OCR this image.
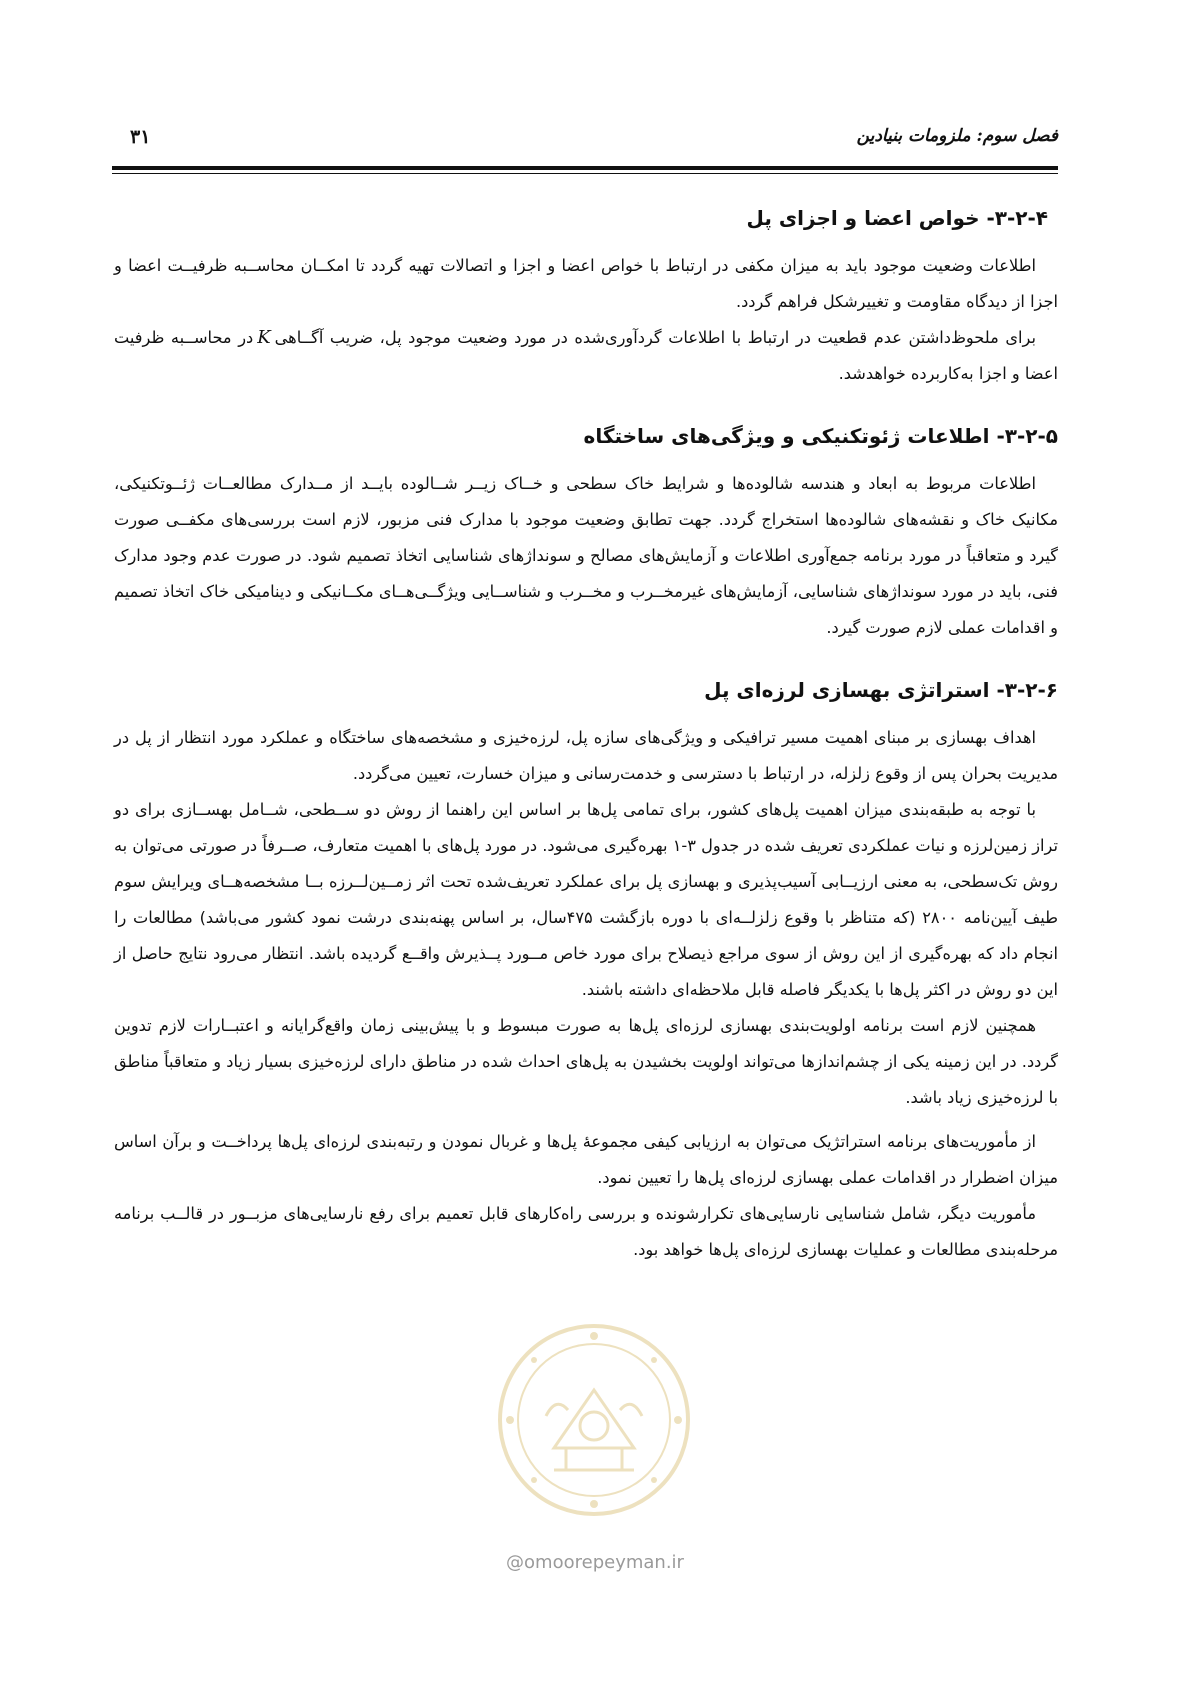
فصل سوم: ملزومات بنیادین
۳۱
۳-۲-۴- خواص اعضا و اجزای پل

اطلاعات وضعیت موجود باید به میزان مکفی در ارتباط با خواص اعضا و اجزا و اتصالات تهیه گردد تا امکــان محاســبه ظرفیــت اعضا و اجزا از دیدگاه مقاومت و تغییرشکل فراهم گردد.

برای ملحوظ‌داشتن عدم قطعیت در ارتباط با اطلاعات گردآوری‌شده در مورد وضعیت موجود پل، ضریب آگــاهیKدر محاســبه ظرفیت اعضا و اجزا به‌کاربرده خواهدشد.

۳-۲-۵- اطلاعات ژئوتکنیکی و ویژگی‌های ساختگاه

اطلاعات مربوط به ابعاد و هندسه شالوده‌ها و شرایط خاک سطحی و خــاک زیــر شــالوده بایــد از مــدارک مطالعــات ژئــوتکنیکی، مکانیک خاک و نقشه‌های شالوده‌ها استخراج گردد. جهت تطابق وضعیت موجود با مدارک فنی مزبور، لازم است بررسی‌های مکفــی صورت گیرد و متعاقباً در مورد برنامه جمع‌آوری اطلاعات و آزمایش‌های مصالح و سونداژهای شناسایی اتخاذ تصمیم شود. در صورت عدم وجود مدارک فنی، باید در مورد سونداژهای شناسایی، آزمایش‌های غیرمخــرب و مخــرب و شناســایی ویژگــی‌هــای مکــانیکی و دینامیکی خاک اتخاذ تصمیم و اقدامات عملی لازم صورت گیرد.

۳-۲-۶- استراتژی بهسازی لرزه‌ای پل

اهداف بهسازی بر مبنای اهمیت مسیر ترافیکی و ویژگی‌های سازه پل، لرزه‌خیزی و مشخصه‌های ساختگاه و عملکرد مورد انتظار از پل در مدیریت بحران پس از وقوع زلزله، در ارتباط با دسترسی و خدمت‌رسانی و میزان خسارت، تعیین می‌گردد.

با توجه به طبقه‌بندی میزان اهمیت پل‌های کشور، برای تمامی پل‌ها بر اساس این راهنما از روش دو ســطحی، شــامل بهســازی برای دو تراز زمین‌لرزه و نیات عملکردی تعریف شده در جدول ۳-۱ بهره‌گیری می‌شود. در مورد پل‌های با اهمیت متعارف، صــرفاً در صورتی می‌توان به روش تک‌سطحی، به معنی ارزیــابی آسیب‌پذیری و بهسازی پل برای عملکرد تعریف‌شده تحت اثر زمــین‌لــرزه بــا مشخصه‌هــای ویرایش سوم طیف آیین‌نامه ۲۸۰۰ (که متناظر با وقوع زلزلــه‌ای با دوره بازگشت ۴۷۵سال، بر اساس پهنه‌بندی درشت نمود کشور می‌باشد) مطالعات را انجام داد که بهره‌گیری از این روش از سوی مراجع ذیصلاح برای مورد خاص مــورد پــذیرش واقــع گردیده باشد. انتظار می‌رود نتایج حاصل از این دو روش در اکثر پل‌ها با یکدیگر فاصله قابل ملاحظه‌ای داشته باشند.

همچنین لازم است برنامه اولویت‌بندی بهسازی لرزه‌ای پل‌ها به صورت مبسوط و با پیش‌بینی زمان واقع‌گرایانه و اعتبــارات لازم تدوین گردد. در این زمینه یکی از چشم‌اندازها می‌تواند اولویت بخشیدن به پل‌های احداث شده در مناطق دارای لرزه‌خیزی بسیار زیاد و متعاقباً مناطق با لرزه‌خیزی زیاد باشد.

از مأموریت‌های برنامه استراتژیک می‌توان به ارزیابی کیفی مجموعهٔ پل‌ها و غربال نمودن و رتبه‌بندی لرزه‌ای پل‌ها پرداخــت و برآن اساس میزان اضطرار در اقدامات عملی بهسازی لرزه‌ای پل‌ها را تعیین نمود.

مأموریت دیگر، شامل شناسایی نارسایی‌های تکرارشونده و بررسی راه‌کارهای قابل تعمیم برای رفع نارسایی‌های مزبــور در قالــب برنامه مرحله‌بندی مطالعات و عملیات بهسازی لرزه‌ای پل‌ها خواهد بود.

@omoorepeyman.ir
